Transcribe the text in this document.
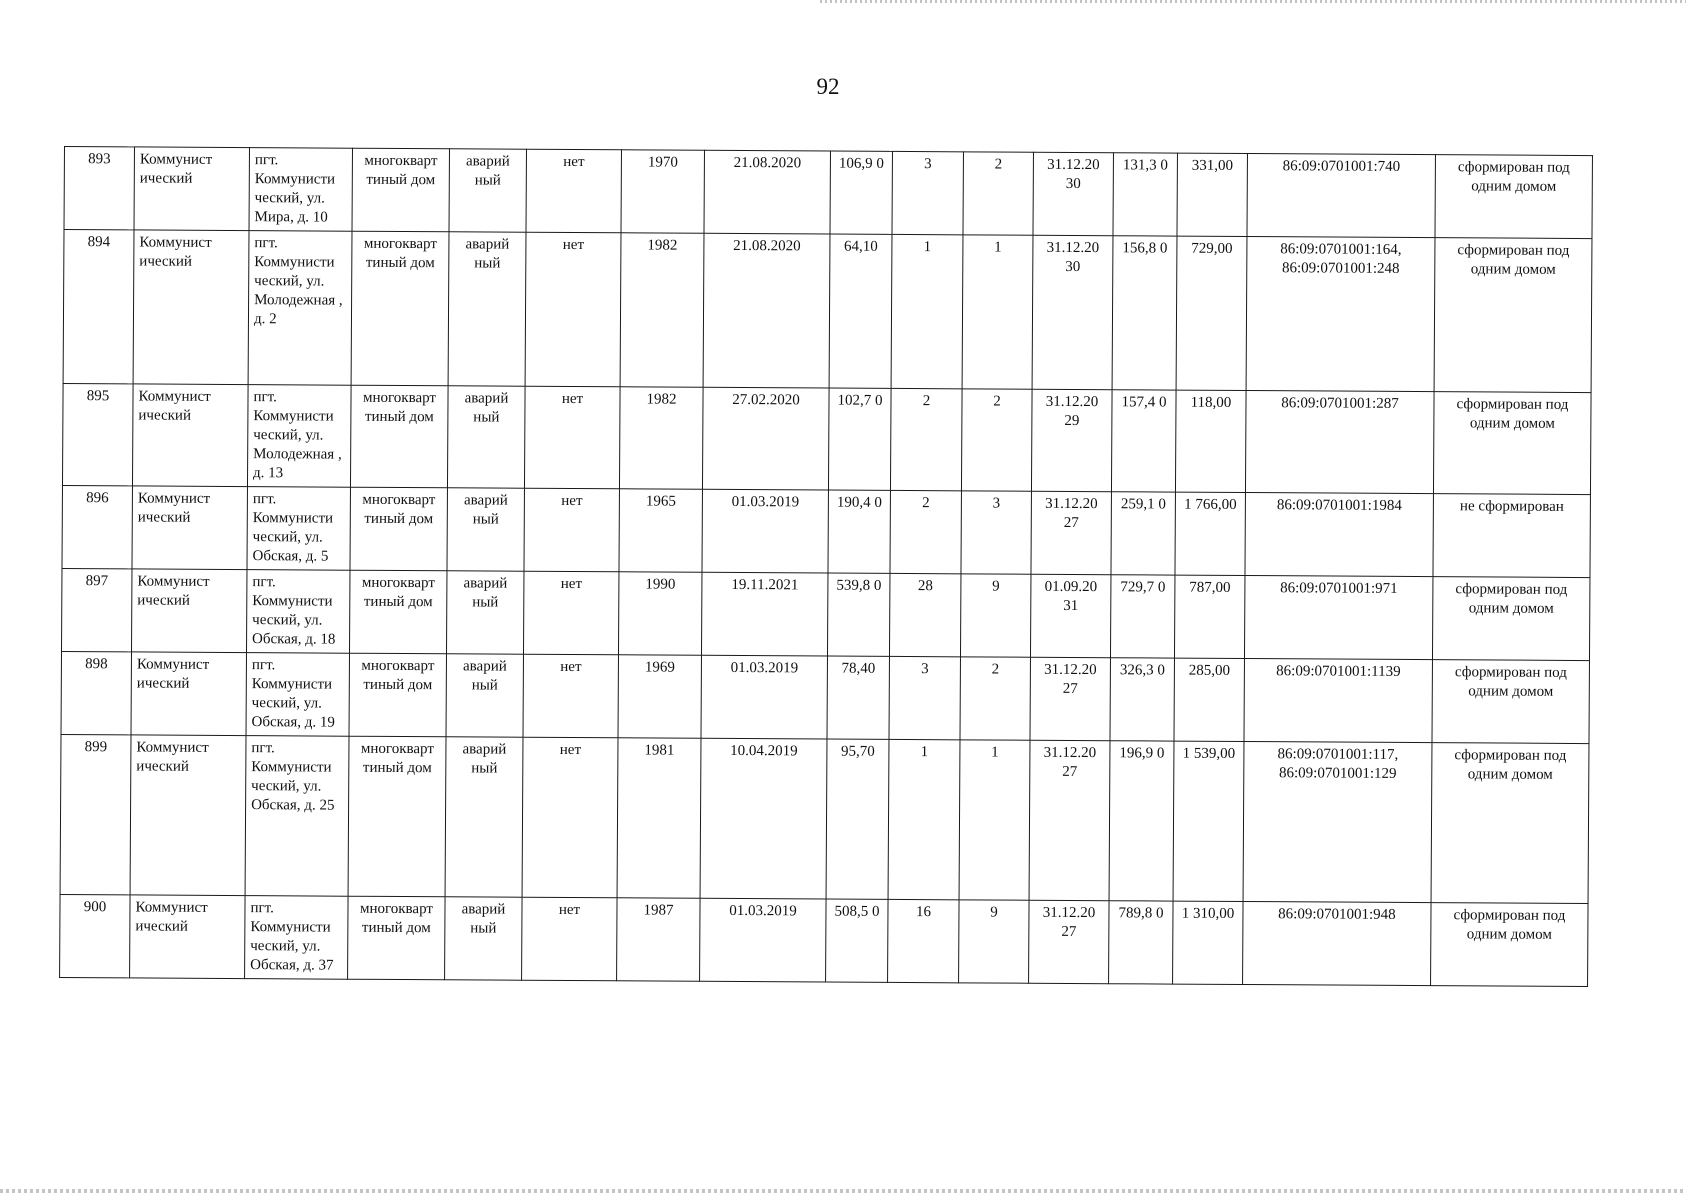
92
893	Коммунист ический	пгт. Коммунисти ческий, ул. Мира, д. 10	многокварт тиный дом	аварий ный	нет	1970	21.08.2020	106,9 0	3	2	31.12.20 30	131,3 0	331,00	86:09:0701001:740	сформирован под одним домом
894	Коммунист ический	пгт. Коммунисти ческий, ул. Молодежная , д. 2	многокварт тиный дом	аварий ный	нет	1982	21.08.2020	64,10	1	1	31.12.20 30	156,8 0	729,00	86:09:0701001:164, 86:09:0701001:248	сформирован под одним домом
895	Коммунист ический	пгт. Коммунисти ческий, ул. Молодежная , д. 13	многокварт тиный дом	аварий ный	нет	1982	27.02.2020	102,7 0	2	2	31.12.20 29	157,4 0	118,00	86:09:0701001:287	сформирован под одним домом
896	Коммунист ический	пгт. Коммунисти ческий, ул. Обская, д. 5	многокварт тиный дом	аварий ный	нет	1965	01.03.2019	190,4 0	2	3	31.12.20 27	259,1 0	1 766,00	86:09:0701001:1984	не сформирован
897	Коммунист ический	пгт. Коммунисти ческий, ул. Обская, д. 18	многокварт тиный дом	аварий ный	нет	1990	19.11.2021	539,8 0	28	9	01.09.20 31	729,7 0	787,00	86:09:0701001:971	сформирован под одним домом
898	Коммунист ический	пгт. Коммунисти ческий, ул. Обская, д. 19	многокварт тиный дом	аварий ный	нет	1969	01.03.2019	78,40	3	2	31.12.20 27	326,3 0	285,00	86:09:0701001:1139	сформирован под одним домом
899	Коммунист ический	пгт. Коммунисти ческий, ул. Обская, д. 25	многокварт тиный дом	аварий ный	нет	1981	10.04.2019	95,70	1	1	31.12.20 27	196,9 0	1 539,00	86:09:0701001:117, 86:09:0701001:129	сформирован под одним домом
900	Коммунист ический	пгт. Коммунисти ческий, ул. Обская, д. 37	многокварт тиный дом	аварий ный	нет	1987	01.03.2019	508,5 0	16	9	31.12.20 27	789,8 0	1 310,00	86:09:0701001:948	сформирован под одним домом
